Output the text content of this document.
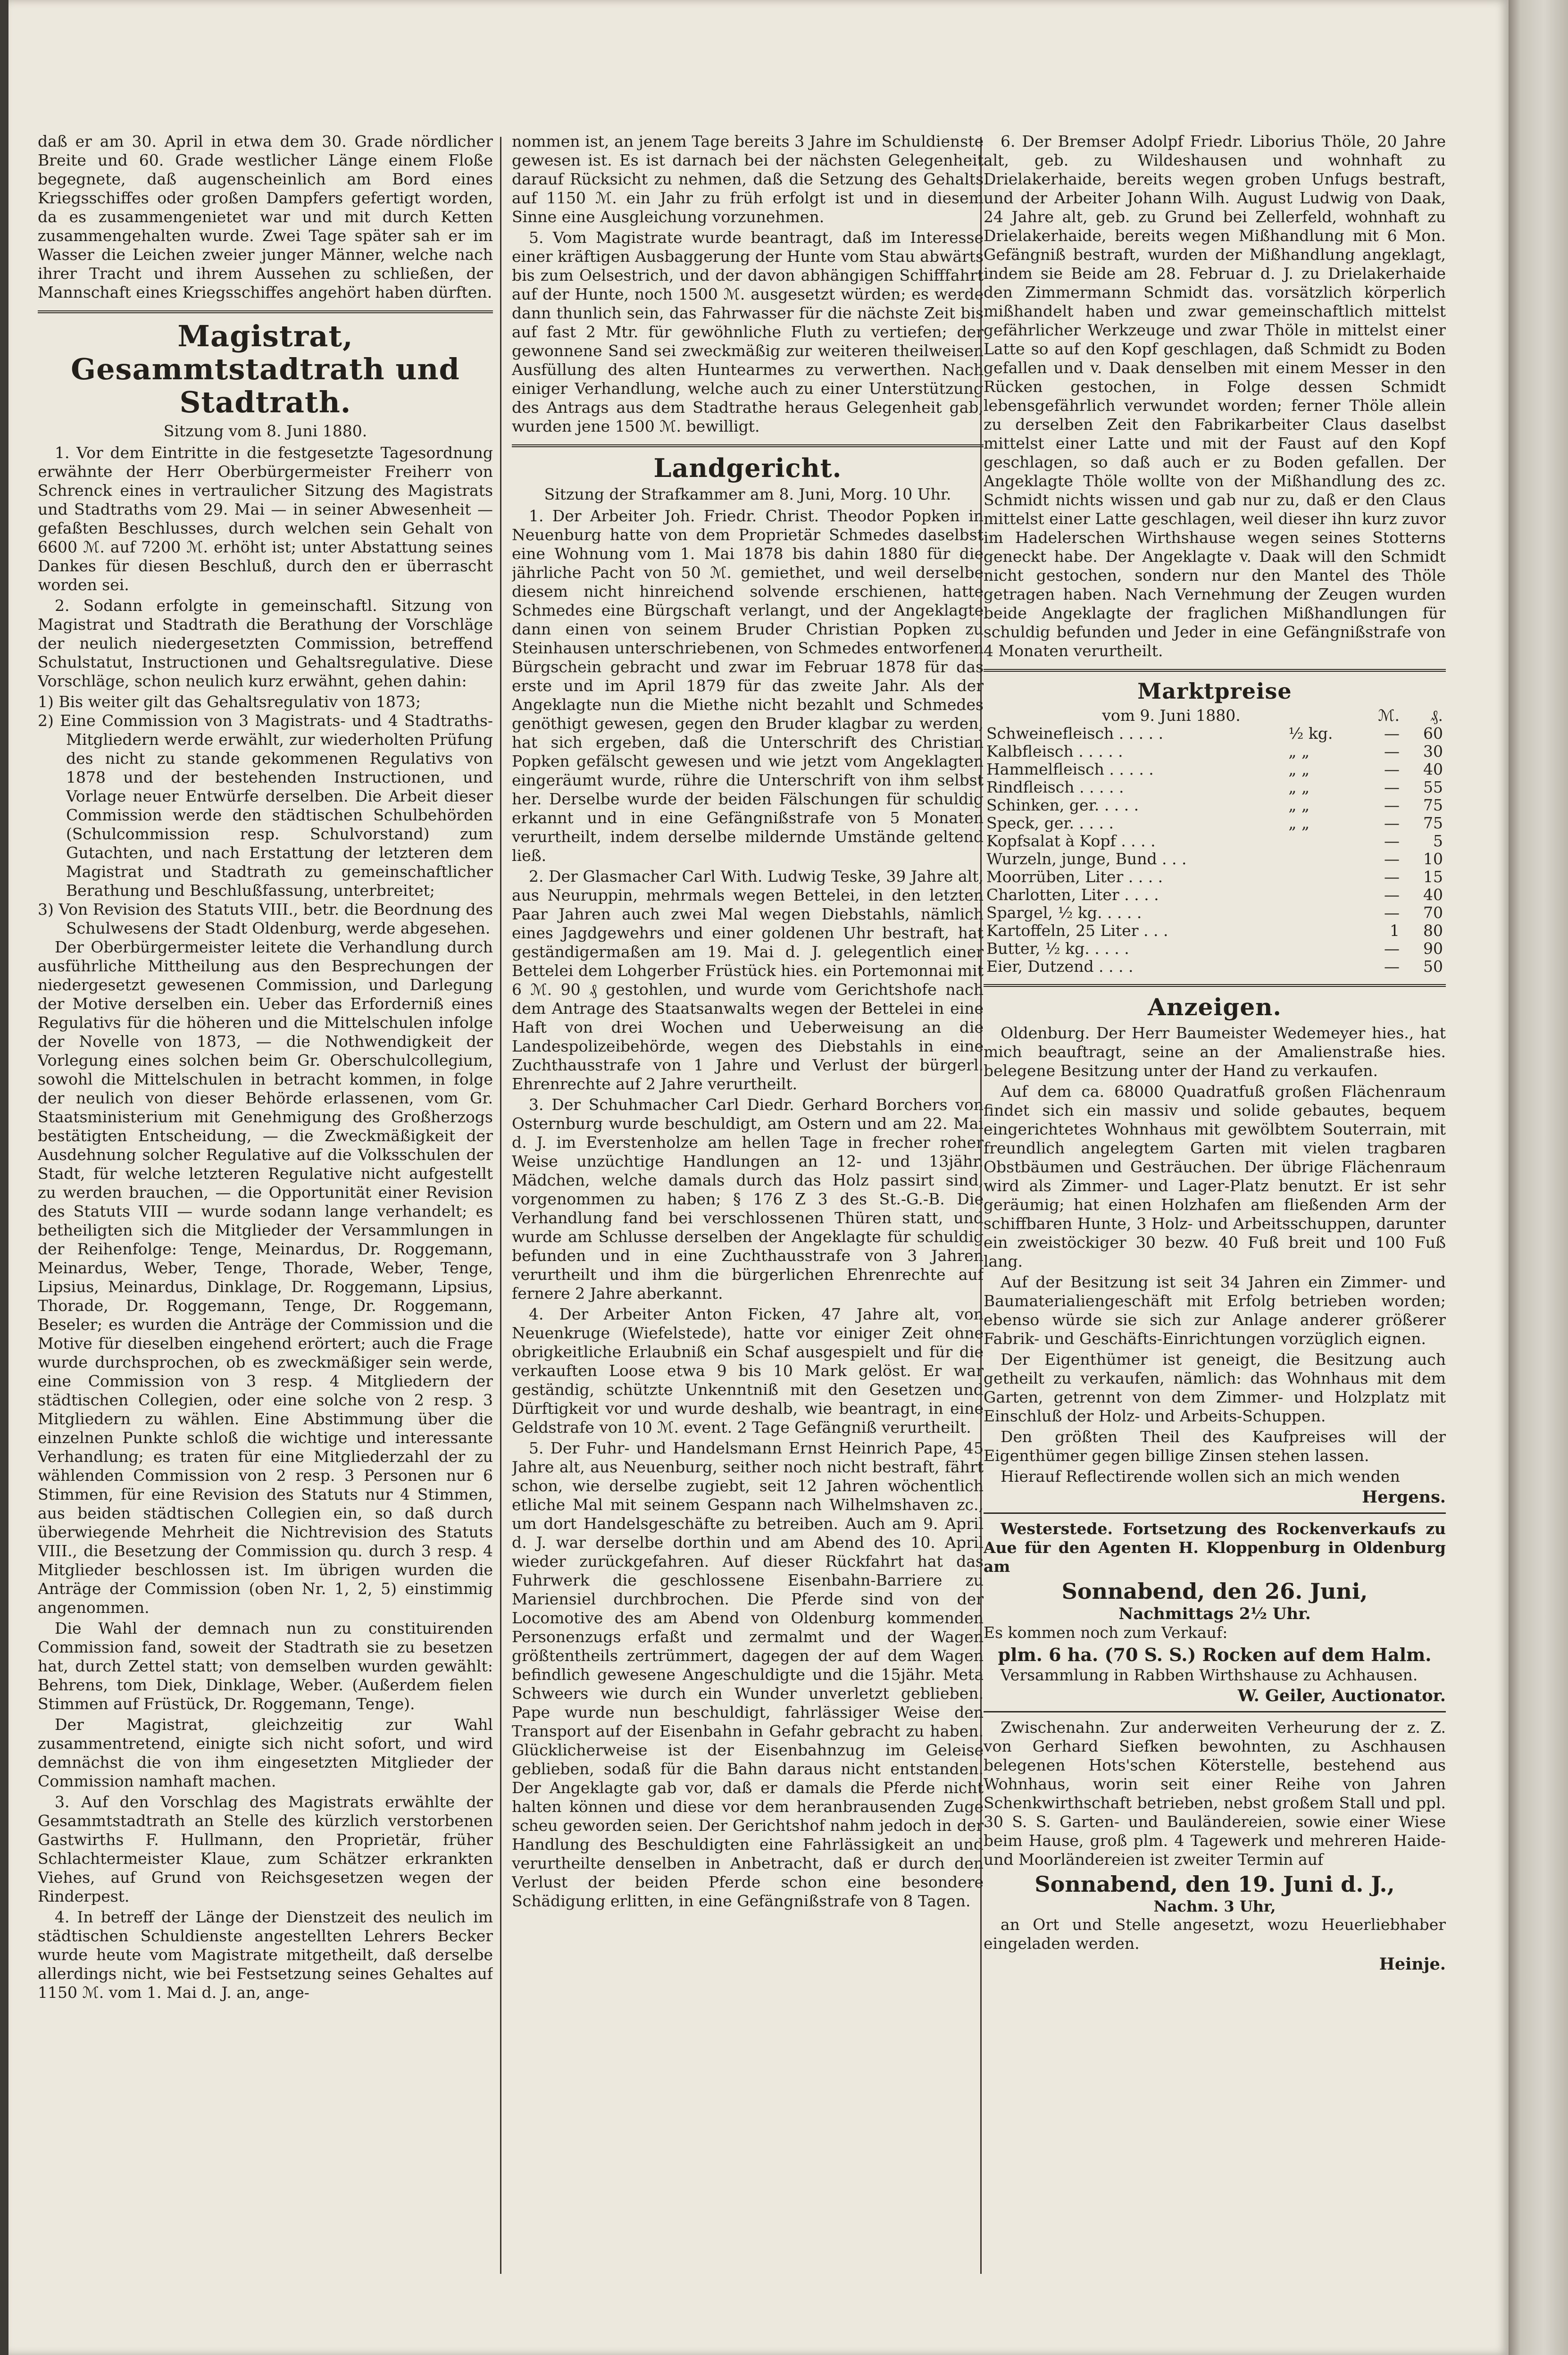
daß er am 30. April in etwa dem 30. Grade nördlicher Breite und 60. Grade westlicher Länge einem Floße begegnete, daß augenscheinlich am Bord eines Kriegsschiffes oder großen Dampfers gefertigt worden, da es zusammengenietet war und mit durch Ketten zusammengehalten wurde. Zwei Tage später sah er im Wasser die Leichen zweier junger Männer, welche nach ihrer Tracht und ihrem Aussehen zu schließen, der Mannschaft eines Kriegsschiffes angehört haben dürften.

Magistrat, Gesammtstadtrath und Stadtrath.
Sitzung vom 8. Juni 1880.

1. Vor dem Eintritte in die festgesetzte Tagesordnung erwähnte der Herr Oberbürgermeister Freiherr von Schrenck eines in vertraulicher Sitzung des Magistrats und Stadtraths vom 29. Mai — in seiner Abwesenheit — gefaßten Beschlusses, durch welchen sein Gehalt von 6600 ℳ. auf 7200 ℳ. erhöht ist; unter Abstattung seines Dankes für diesen Beschluß, durch den er überrascht worden sei.

2. Sodann erfolgte in gemeinschaftl. Sitzung von Magistrat und Stadtrath die Berathung der Vorschläge der neulich niedergesetzten Commission, betreffend Schulstatut, Instructionen und Gehaltsregulative. Diese Vorschläge, schon neulich kurz erwähnt, gehen dahin:

1) Bis weiter gilt das Gehaltsregulativ von 1873;
2) Eine Commission von 3 Magistrats- und 4 Stadtraths-Mitgliedern werde erwählt, zur wiederholten Prüfung des nicht zu stande gekommenen Regulativs von 1878 und der bestehenden Instructionen, und Vorlage neuer Entwürfe derselben. Die Arbeit dieser Commission werde den städtischen Schulbehörden (Schulcommission resp. Schulvorstand) zum Gutachten, und nach Erstattung der letzteren dem Magistrat und Stadtrath zu gemeinschaftlicher Berathung und Beschlußfassung, unterbreitet;
3) Von Revision des Statuts VIII., betr. die Beordnung des Schulwesens der Stadt Oldenburg, werde abgesehen.

Der Oberbürgermeister leitete die Verhandlung durch ausführliche Mittheilung aus den Besprechungen der niedergesetzt gewesenen Commission, und Darlegung der Motive derselben ein. Ueber das Erforderniß eines Regulativs für die höheren und die Mittelschulen infolge der Novelle von 1873, — die Nothwendigkeit der Vorlegung eines solchen beim Gr. Oberschulcollegium, sowohl die Mittelschulen in betracht kommen, in folge der neulich von dieser Behörde erlassenen, vom Gr. Staatsministerium mit Genehmigung des Großherzogs bestätigten Entscheidung, — die Zweckmäßigkeit der Ausdehnung solcher Regulative auf die Volksschulen der Stadt, für welche letzteren Regulative nicht aufgestellt zu werden brauchen, — die Opportunität einer Revision des Statuts VIII — wurde sodann lange verhandelt; es betheiligten sich die Mitglieder der Versammlungen in der Reihenfolge: Tenge, Meinardus, Dr. Roggemann, Meinardus, Weber, Tenge, Thorade, Weber, Tenge, Lipsius, Meinardus, Dinklage, Dr. Roggemann, Lipsius, Thorade, Dr. Roggemann, Tenge, Dr. Roggemann, Beseler; es wurden die Anträge der Commission und die Motive für dieselben eingehend erörtert; auch die Frage wurde durchsprochen, ob es zweckmäßiger sein werde, eine Commission von 3 resp. 4 Mitgliedern der städtischen Collegien, oder eine solche von 2 resp. 3 Mitgliedern zu wählen. Eine Abstimmung über die einzelnen Punkte schloß die wichtige und interessante Verhandlung; es traten für eine Mitgliederzahl der zu wählenden Commission von 2 resp. 3 Personen nur 6 Stimmen, für eine Revision des Statuts nur 4 Stimmen, aus beiden städtischen Collegien ein, so daß durch überwiegende Mehrheit die Nichtrevision des Statuts VIII., die Besetzung der Commission qu. durch 3 resp. 4 Mitglieder beschlossen ist. Im übrigen wurden die Anträge der Commission (oben Nr. 1, 2, 5) einstimmig angenommen.

Die Wahl der demnach nun zu constituirenden Commission fand, soweit der Stadtrath sie zu besetzen hat, durch Zettel statt; von demselben wurden gewählt: Behrens, tom Diek, Dinklage, Weber. (Außerdem fielen Stimmen auf Früstück, Dr. Roggemann, Tenge).

Der Magistrat, gleichzeitig zur Wahl zusammentretend, einigte sich nicht sofort, und wird demnächst die von ihm eingesetzten Mitglieder der Commission namhaft machen.

3. Auf den Vorschlag des Magistrats erwählte der Gesammtstadtrath an Stelle des kürzlich verstorbenen Gastwirths F. Hullmann, den Proprietär, früher Schlachtermeister Klaue, zum Schätzer erkrankten Viehes, auf Grund von Reichsgesetzen wegen der Rinderpest.

4. In betreff der Länge der Dienstzeit des neulich im städtischen Schuldienste angestellten Lehrers Becker wurde heute vom Magistrate mitgetheilt, daß derselbe allerdings nicht, wie bei Festsetzung seines Gehaltes auf 1150 ℳ. vom 1. Mai d. J. an, ange-

nommen ist, an jenem Tage bereits 3 Jahre im Schuldienste gewesen ist. Es ist darnach bei der nächsten Gelegenheit darauf Rücksicht zu nehmen, daß die Setzung des Gehalts auf 1150 ℳ. ein Jahr zu früh erfolgt ist und in diesem Sinne eine Ausgleichung vorzunehmen.

5. Vom Magistrate wurde beantragt, daß im Interesse einer kräftigen Ausbaggerung der Hunte vom Stau abwärts bis zum Oelsestrich, und der davon abhängigen Schifffahrt auf der Hunte, noch 1500 ℳ. ausgesetzt würden; es werde dann thunlich sein, das Fahrwasser für die nächste Zeit bis auf fast 2 Mtr. für gewöhnliche Fluth zu vertiefen; der gewonnene Sand sei zweckmäßig zur weiteren theilweisen Ausfüllung des alten Huntearmes zu verwerthen. Nach einiger Verhandlung, welche auch zu einer Unterstützung des Antrags aus dem Stadtrathe heraus Gelegenheit gab, wurden jene 1500 ℳ. bewilligt.

Landgericht.
Sitzung der Strafkammer am 8. Juni, Morg. 10 Uhr.

1. Der Arbeiter Joh. Friedr. Christ. Theodor Popken in Neuenburg hatte von dem Proprietär Schmedes daselbst eine Wohnung vom 1. Mai 1878 bis dahin 1880 für die jährliche Pacht von 50 ℳ. gemiethet, und weil derselbe diesem nicht hinreichend solvende erschienen, hatte Schmedes eine Bürgschaft verlangt, und der Angeklagte dann einen von seinem Bruder Christian Popken zu Steinhausen unterschriebenen, von Schmedes entworfenen Bürgschein gebracht und zwar im Februar 1878 für das erste und im April 1879 für das zweite Jahr. Als der Angeklagte nun die Miethe nicht bezahlt und Schmedes genöthigt gewesen, gegen den Bruder klagbar zu werden, hat sich ergeben, daß die Unterschrift des Christian Popken gefälscht gewesen und wie jetzt vom Angeklagten eingeräumt wurde, rühre die Unterschrift von ihm selbst her. Derselbe wurde der beiden Fälschungen für schuldig erkannt und in eine Gefängnißstrafe von 5 Monaten verurtheilt, indem derselbe mildernde Umstände geltend ließ.

2. Der Glasmacher Carl With. Ludwig Teske, 39 Jahre alt, aus Neuruppin, mehrmals wegen Bettelei, in den letzten Paar Jahren auch zwei Mal wegen Diebstahls, nämlich eines Jagdgewehrs und einer goldenen Uhr bestraft, hat geständigermaßen am 19. Mai d. J. gelegentlich einer Bettelei dem Lohgerber Früstück hies. ein Portemonnai mit 6 ℳ. 90 ₰ gestohlen, und wurde vom Gerichtshofe nach dem Antrage des Staatsanwalts wegen der Bettelei in eine Haft von drei Wochen und Ueberweisung an die Landespolizeibehörde, wegen des Diebstahls in eine Zuchthausstrafe von 1 Jahre und Verlust der bürgerl. Ehrenrechte auf 2 Jahre verurtheilt.

3. Der Schuhmacher Carl Diedr. Gerhard Borchers von Osternburg wurde beschuldigt, am Ostern und am 22. Mai d. J. im Everstenholze am hellen Tage in frecher roher Weise unzüchtige Handlungen an 12- und 13jähr. Mädchen, welche damals durch das Holz passirt sind, vorgenommen zu haben; § 176 Z 3 des St.-G.-B. Die Verhandlung fand bei verschlossenen Thüren statt, und wurde am Schlusse derselben der Angeklagte für schuldig befunden und in eine Zuchthausstrafe von 3 Jahren verurtheilt und ihm die bürgerlichen Ehrenrechte auf fernere 2 Jahre aberkannt.

4. Der Arbeiter Anton Ficken, 47 Jahre alt, von Neuenkruge (Wiefelstede), hatte vor einiger Zeit ohne obrigkeitliche Erlaubniß ein Schaf ausgespielt und für die verkauften Loose etwa 9 bis 10 Mark gelöst. Er war geständig, schützte Unkenntniß mit den Gesetzen und Dürftigkeit vor und wurde deshalb, wie beantragt, in eine Geldstrafe von 10 ℳ. event. 2 Tage Gefängniß verurtheilt.

5. Der Fuhr- und Handelsmann Ernst Heinrich Pape, 45 Jahre alt, aus Neuenburg, seither noch nicht bestraft, fährt schon, wie derselbe zugiebt, seit 12 Jahren wöchentlich etliche Mal mit seinem Gespann nach Wilhelmshaven zc., um dort Handelsgeschäfte zu betreiben. Auch am 9. April d. J. war derselbe dorthin und am Abend des 10. April wieder zurückgefahren. Auf dieser Rückfahrt hat das Fuhrwerk die geschlossene Eisenbahn-Barriere zu Mariensiel durchbrochen. Die Pferde sind von der Locomotive des am Abend von Oldenburg kommenden Personenzugs erfaßt und zermalmt und der Wagen größtentheils zertrümmert, dagegen der auf dem Wagen befindlich gewesene Angeschuldigte und die 15jähr. Meta Schweers wie durch ein Wunder unverletzt geblieben. Pape wurde nun beschuldigt, fahrlässiger Weise den Transport auf der Eisenbahn in Gefahr gebracht zu haben. Glücklicherweise ist der Eisenbahnzug im Geleise geblieben, sodaß für die Bahn daraus nicht entstanden. Der Angeklagte gab vor, daß er damals die Pferde nicht halten können und diese vor dem heranbrausenden Zuge scheu geworden seien. Der Gerichtshof nahm jedoch in der Handlung des Beschuldigten eine Fahrlässigkeit an und verurtheilte denselben in Anbetracht, daß er durch den Verlust der beiden Pferde schon eine besondere Schädigung erlitten, in eine Gefängnißstrafe von 8 Tagen.

6. Der Bremser Adolpf Friedr. Liborius Thöle, 20 Jahre alt, geb. zu Wildeshausen und wohnhaft zu Drielakerhaide, bereits wegen groben Unfugs bestraft, und der Arbeiter Johann Wilh. August Ludwig von Daak, 24 Jahre alt, geb. zu Grund bei Zellerfeld, wohnhaft zu Drielakerhaide, bereits wegen Mißhandlung mit 6 Mon. Gefängniß bestraft, wurden der Mißhandlung angeklagt, indem sie Beide am 28. Februar d. J. zu Drielakerhaide den Zimmermann Schmidt das. vorsätzlich körperlich mißhandelt haben und zwar gemeinschaftlich mittelst gefährlicher Werkzeuge und zwar Thöle in mittelst einer Latte so auf den Kopf geschlagen, daß Schmidt zu Boden gefallen und v. Daak denselben mit einem Messer in den Rücken gestochen, in Folge dessen Schmidt lebensgefährlich verwundet worden; ferner Thöle allein zu derselben Zeit den Fabrikarbeiter Claus daselbst mittelst einer Latte und mit der Faust auf den Kopf geschlagen, so daß auch er zu Boden gefallen. Der Angeklagte Thöle wollte von der Mißhandlung des zc. Schmidt nichts wissen und gab nur zu, daß er den Claus mittelst einer Latte geschlagen, weil dieser ihn kurz zuvor im Hadelerschen Wirthshause wegen seines Stotterns geneckt habe. Der Angeklagte v. Daak will den Schmidt nicht gestochen, sondern nur den Mantel des Thöle getragen haben. Nach Vernehmung der Zeugen wurden beide Angeklagte der fraglichen Mißhandlungen für schuldig befunden und Jeder in eine Gefängnißstrafe von 4 Monaten verurtheilt.

Marktpreise
vom 9. Juni 1880.		ℳ.	₰.
Schweinefleisch . . . . .	½ kg.	—	60
Kalbfleisch . . . . .	„ „	—	30
Hammelfleisch . . . . .	„ „	—	40
Rindfleisch . . . . .	„ „	—	55
Schinken, ger. . . . .	„ „	—	75
Speck, ger. . . . .	„ „	—	75
Kopfsalat à Kopf . . . .		—	5
Wurzeln, junge, Bund . . .		—	10
Moorrüben, Liter . . . .		—	15
Charlotten, Liter . . . .		—	40
Spargel, ½ kg. . . . .		—	70
Kartoffeln, 25 Liter . . .		1	80
Butter, ½ kg. . . . .		—	90
Eier, Dutzend . . . .		—	50
Anzeigen.

Oldenburg. Der Herr Baumeister Wedemeyer hies., hat mich beauftragt, seine an der Amalienstraße hies. belegene Besitzung unter der Hand zu verkaufen.

Auf dem ca. 68000 Quadratfuß großen Flächenraum findet sich ein massiv und solide gebautes, bequem eingerichtetes Wohnhaus mit gewölbtem Souterrain, mit freundlich angelegtem Garten mit vielen tragbaren Obstbäumen und Gesträuchen. Der übrige Flächenraum wird als Zimmer- und Lager-Platz benutzt. Er ist sehr geräumig; hat einen Holzhafen am fließenden Arm der schiffbaren Hunte, 3 Holz- und Arbeitsschuppen, darunter ein zweistöckiger 30 bezw. 40 Fuß breit und 100 Fuß lang.

Auf der Besitzung ist seit 34 Jahren ein Zimmer- und Baumaterialiengeschäft mit Erfolg betrieben worden; ebenso würde sie sich zur Anlage anderer größerer Fabrik- und Geschäfts-Einrichtungen vorzüglich eignen.

Der Eigenthümer ist geneigt, die Besitzung auch getheilt zu verkaufen, nämlich: das Wohnhaus mit dem Garten, getrennt von dem Zimmer- und Holzplatz mit Einschluß der Holz- und Arbeits-Schuppen.

Den größten Theil des Kaufpreises will der Eigenthümer gegen billige Zinsen stehen lassen.

Hierauf Reflectirende wollen sich an mich wenden

Hergens.

Westerstede. Fortsetzung des Rockenverkaufs zu Aue für den Agenten H. Kloppenburg in Oldenburg am

Sonnabend, den 26. Juni,
Nachmittags 2½ Uhr.

Es kommen noch zum Verkauf:

plm. 6 ha. (70 S. S.) Rocken auf dem Halm.

Versammlung in Rabben Wirthshause zu Achhausen.

W. Geiler, Auctionator.

Zwischenahn. Zur anderweiten Verheurung der z. Z. von Gerhard Siefken bewohnten, zu Aschhausen belegenen Hots'schen Köterstelle, bestehend aus Wohnhaus, worin seit einer Reihe von Jahren Schenkwirthschaft betrieben, nebst großem Stall und ppl. 30 S. S. Garten- und Bauländereien, sowie einer Wiese beim Hause, groß plm. 4 Tagewerk und mehreren Haide- und Moorländereien ist zweiter Termin auf

Sonnabend, den 19. Juni d. J.,
Nachm. 3 Uhr,

an Ort und Stelle angesetzt, wozu Heuerliebhaber eingeladen werden.

Heinje.
